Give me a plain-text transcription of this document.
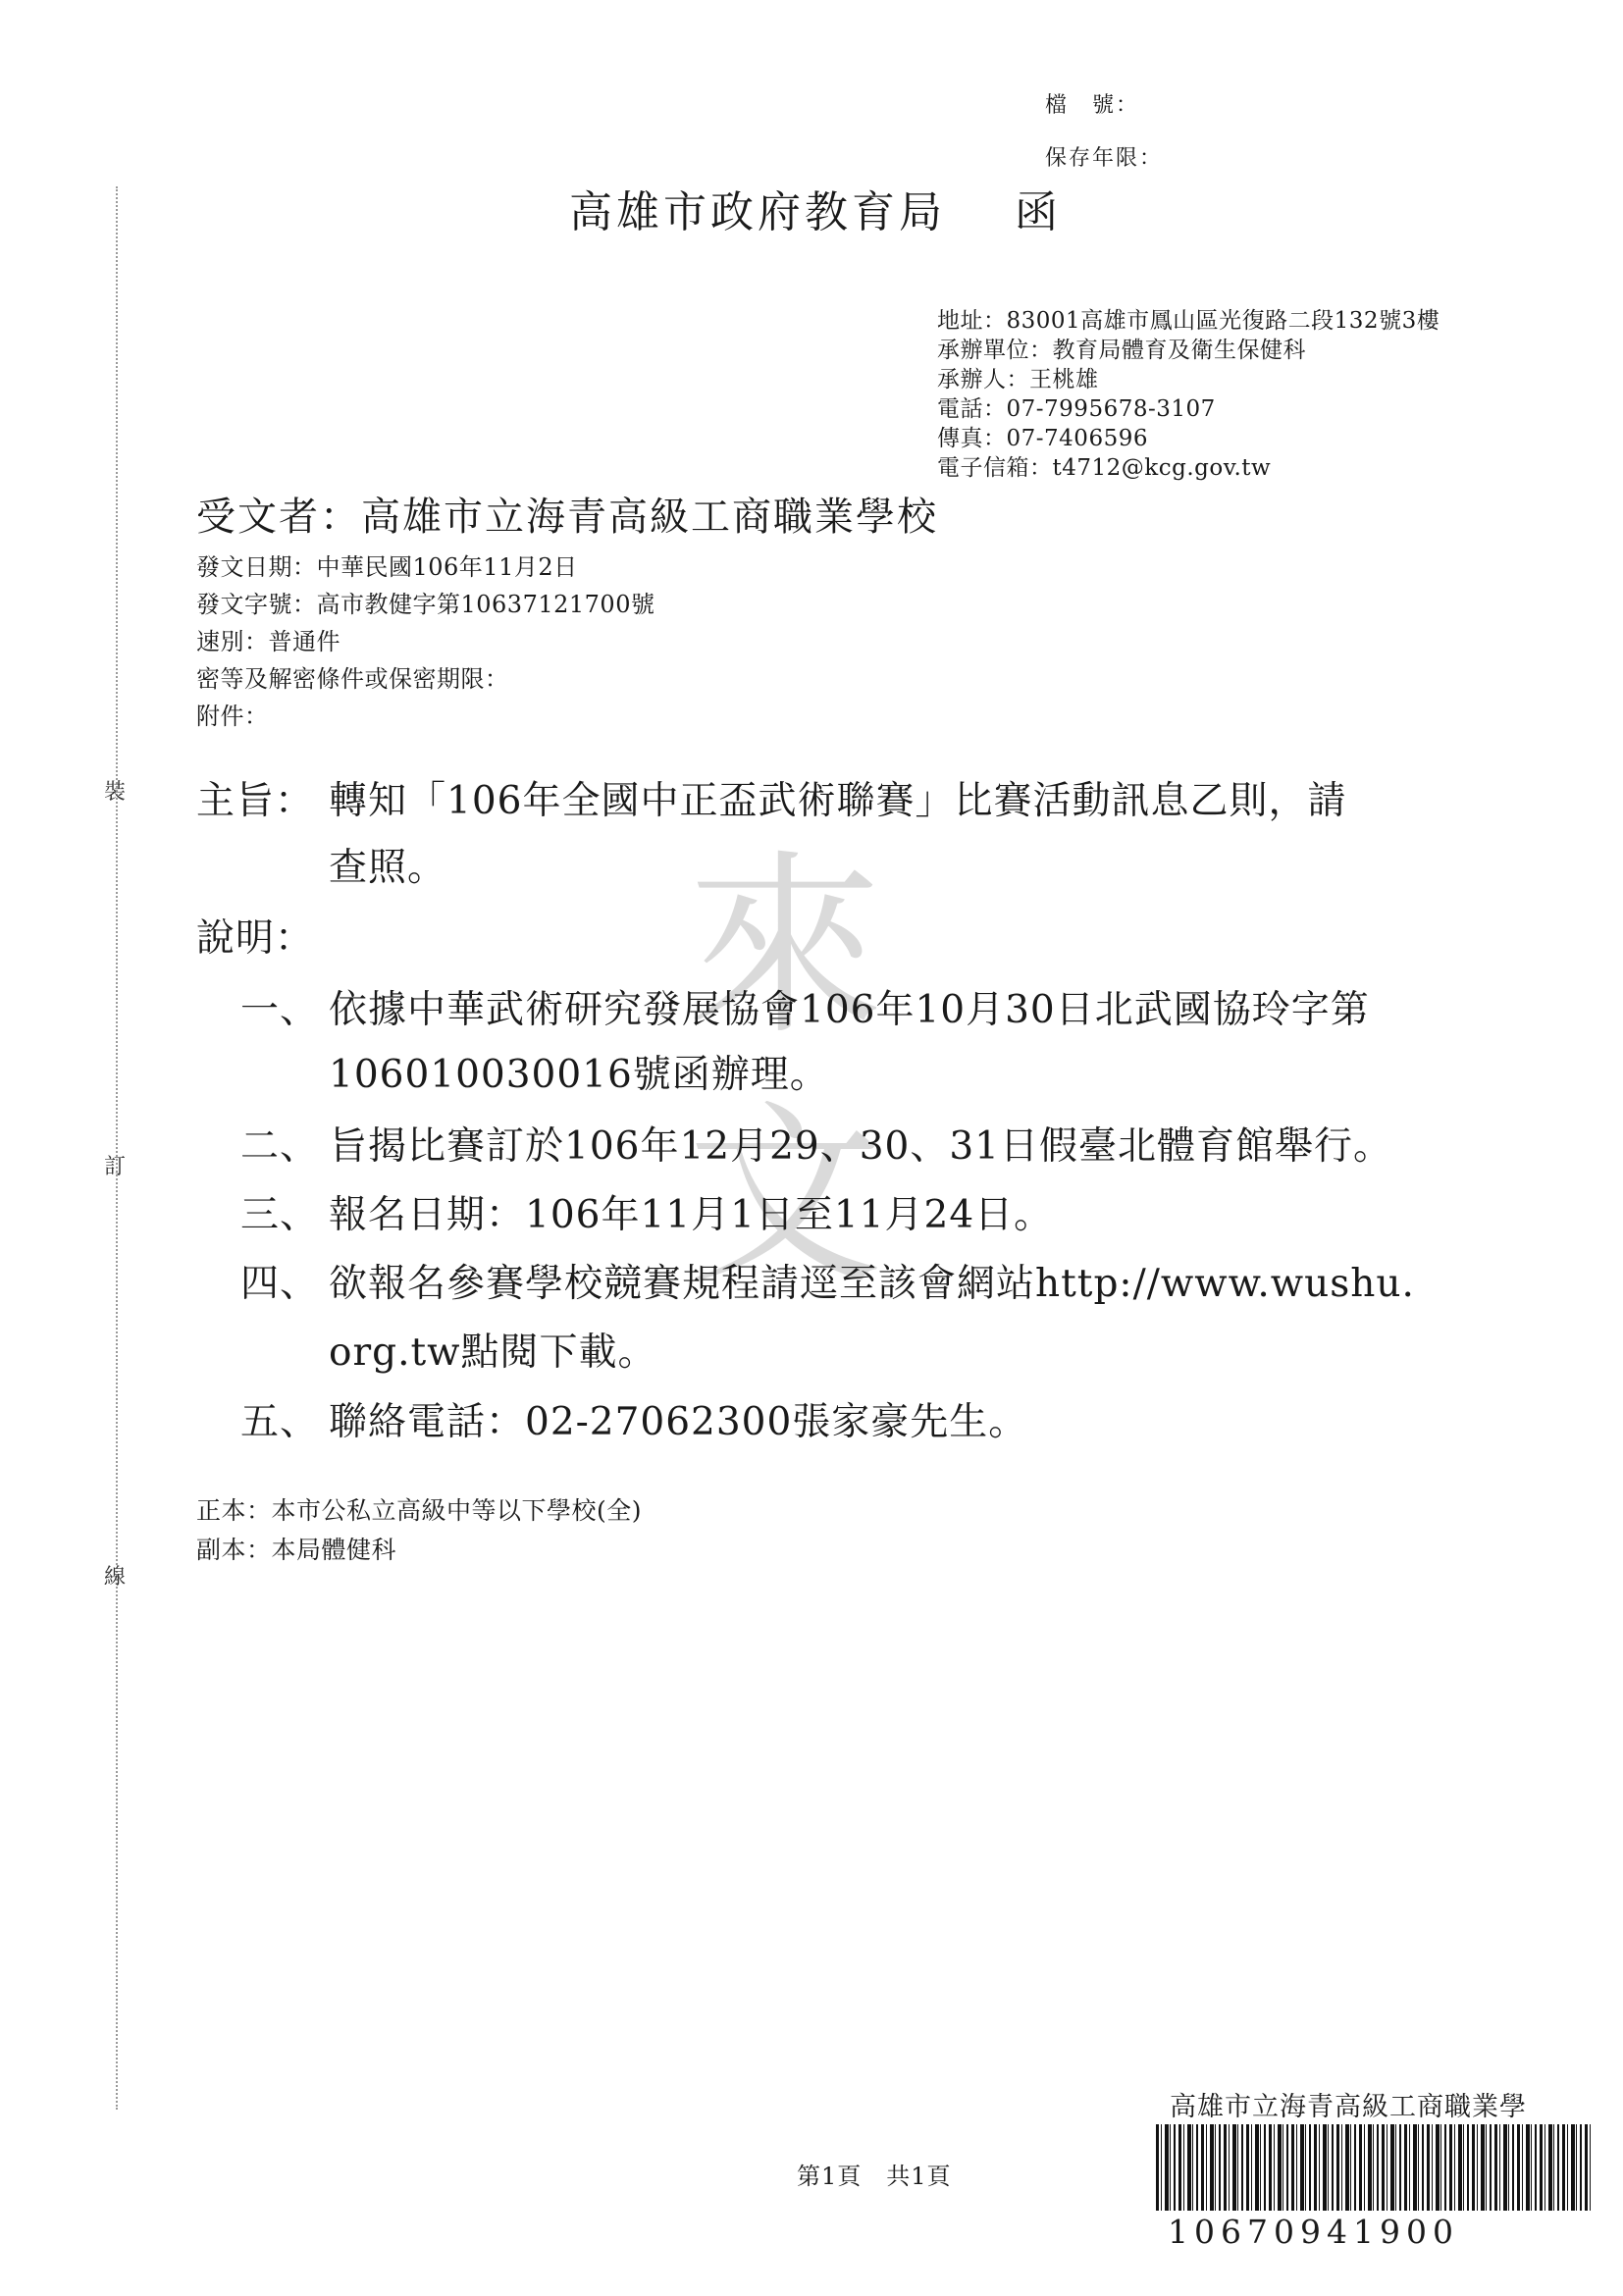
裝
訂
線
來
文
檔　號：
保存年限：
高雄市政府教育局 函
地址：83001高雄市鳳山區光復路二段132號3樓
承辦單位：教育局體育及衛生保健科
承辦人：王桃雄
電話：07-7995678-3107
傳真：07-7406596
電子信箱：t4712@kcg.gov.tw
受文者：高雄市立海青高級工商職業學校
發文日期：中華民國106年11月2日
發文字號：高市教健字第10637121700號
速別：普通件
密等及解密條件或保密期限：
附件：
主旨： 轉知「106年全國中正盃武術聯賽」比賽活動訊息乙則，請
查照。
說明：
一、 依據中華武術研究發展協會106年10月30日北武國協玲字第
106010030016號函辦理。
二、 旨揭比賽訂於106年12月29、30、31日假臺北體育館舉行。
三、 報名日期：106年11月1日至11月24日。
四、 欲報名參賽學校競賽規程請逕至該會網站http://www.wushu.
org.tw點閱下載。
五、 聯絡電話：02-27062300張家豪先生。
正本：本市公私立高級中等以下學校(全)
副本：本局體健科
第1頁　共1頁
高雄市立海青高級工商職業學
10670941900
